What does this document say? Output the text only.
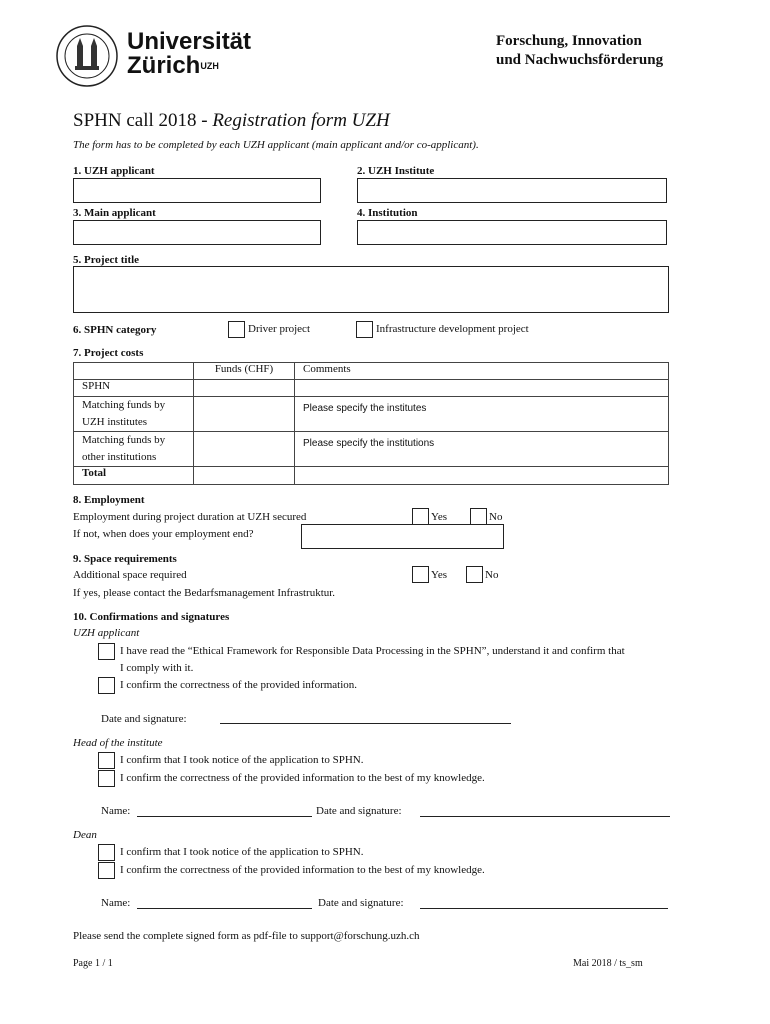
Universität
Zürich$^{UZH}$
Forschung, Innovation
und Nachwuchsförderung
SPHN call 2018 - Registration form UZH
The form has to be completed by each UZH applicant (main applicant and/or co-applicant).
1. UZH applicant	2. UZH Institute
3. Main applicant	4. Institution
5. Project title
6. SPHN category	Driver project	Infrastructure development project
7. Project costs
	Funds (CHF)	Comments
SPHN		

Matching funds by
UZH institutes		Please specify the institutes

Matching funds by
other institutions		Please specify the institutions
Total		
8. Employment
Employment during project duration at UZH secured	Yes	No
If not, when does your employment end?
9. Space requirements
Additional space required	Yes	No
If yes, please contact the Bedarfsmanagement Infrastruktur.
10. Confirmations and signatures
UZH applicant
I have read the “Ethical Framework for Responsible Data Processing in the SPHN”, understand it and confirm that
I comply with it.
I confirm the correctness of the provided information.
Date and signature:
Head of the institute
I confirm that I took notice of the application to SPHN.
I confirm the correctness of the provided information to the best of my knowledge.
Name:	Date and signature:
Dean
I confirm that I took notice of the application to SPHN.
I confirm the correctness of the provided information to the best of my knowledge.
Name:	Date and signature:
Please send the complete signed form as pdf-file to support@forschung.uzh.ch
Page 1 / 1	Mai 2018 / ts_sm
